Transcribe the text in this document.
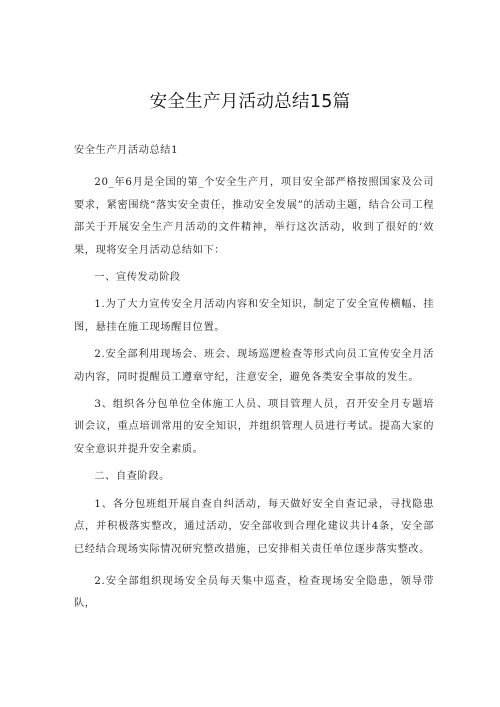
安全生产月活动总结15篇

安全生产月活动总结1

20_年6月是全国的第_个安全生产月，项目安全部严格按照国家及公司要求，紧密围绕“落实安全责任，推动安全发展”的活动主题，结合公司工程部关于开展安全生产月活动的文件精神，举行这次活动，收到了很好的‘效果，现将安全月活动总结如下：

一、宣传发动阶段

1.为了大力宣传安全月活动内容和安全知识，制定了安全宣传横幅、挂图，悬挂在施工现场醒目位置。

2.安全部利用现场会、班会、现场巡逻检查等形式向员工宣传安全月活动内容，同时提醒员工遵章守纪，注意安全，避免各类安全事故的发生。

3、组织各分包单位全体施工人员、项目管理人员，召开安全月专题培训会议，重点培训常用的安全知识，并组织管理人员进行考试。提高大家的安全意识并提升安全素质。

二、自查阶段。

1、各分包班组开展自查自纠活动，每天做好安全自查记录，寻找隐患点，并积极落实整改，通过活动，安全部收到合理化建议共计4条，安全部已经结合现场实际情况研究整改措施，已安排相关责任单位逐步落实整改。

2.安全部组织现场安全员每天集中巡查，检查现场安全隐患，领导带队，
